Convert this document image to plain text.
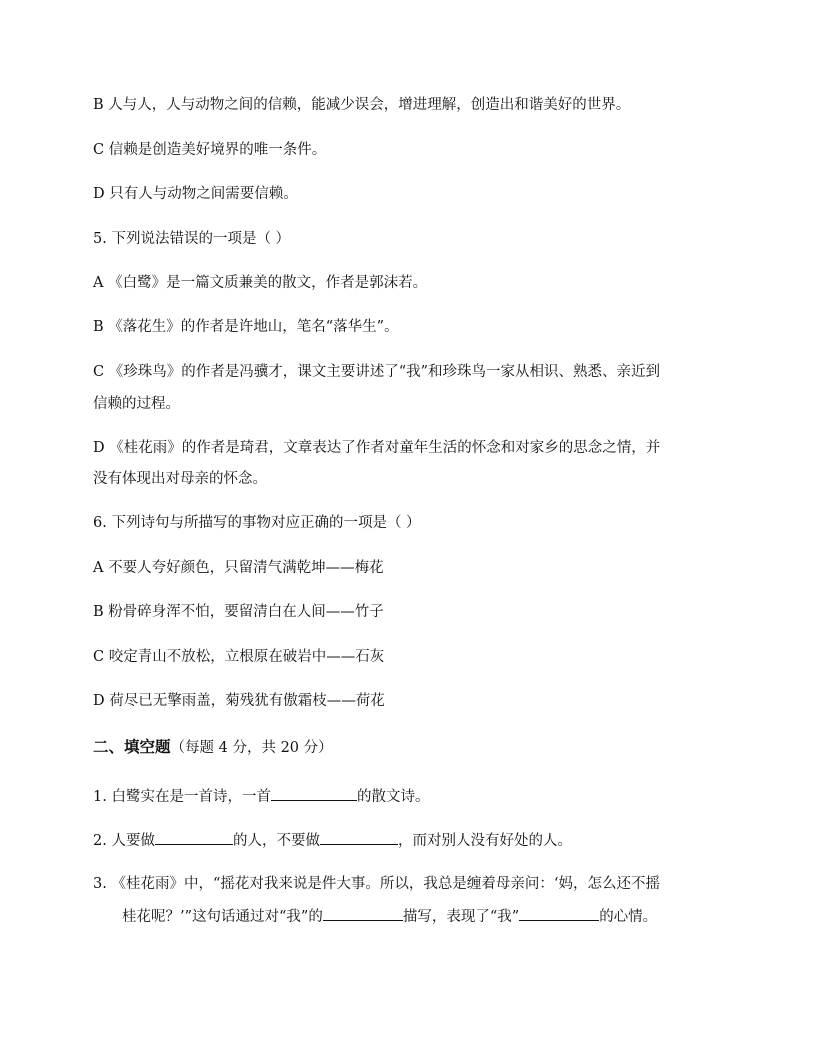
B 人与人，人与动物之间的信赖，能减少误会，增进理解，创造出和谐美好的世界。
C 信赖是创造美好境界的唯一条件。
D 只有人与动物之间需要信赖。
5. 下列说法错误的一项是（ ）
A 《白鹭》是一篇文质兼美的散文，作者是郭沫若。
B 《落花生》的作者是许地山，笔名“落华生”。
C 《珍珠鸟》的作者是冯骥才，课文主要讲述了“我”和珍珠鸟一家从相识、熟悉、亲近到
信赖的过程。
D 《桂花雨》的作者是琦君，文章表达了作者对童年生活的怀念和对家乡的思念之情，并
没有体现出对母亲的怀念。
6. 下列诗句与所描写的事物对应正确的一项是（ ）
A 不要人夸好颜色，只留清气满乾坤——梅花
B 粉骨碎身浑不怕，要留清白在人间——竹子
C 咬定青山不放松，立根原在破岩中——石灰
D 荷尽已无擎雨盖，菊残犹有傲霜枝——荷花
二、填空题（每题 4 分，共 20 分）
1. 白鹭实在是一首诗，一首	的散文诗。
2. 人要做	的人，不要做	，而对别人没有好处的人。
3. 《桂花雨》中，“摇花对我来说是件大事。所以，我总是缠着母亲问：‘妈，怎么还不摇
桂花呢？’”这句话通过对“我”的	描写，表现了“我”	的心情。
